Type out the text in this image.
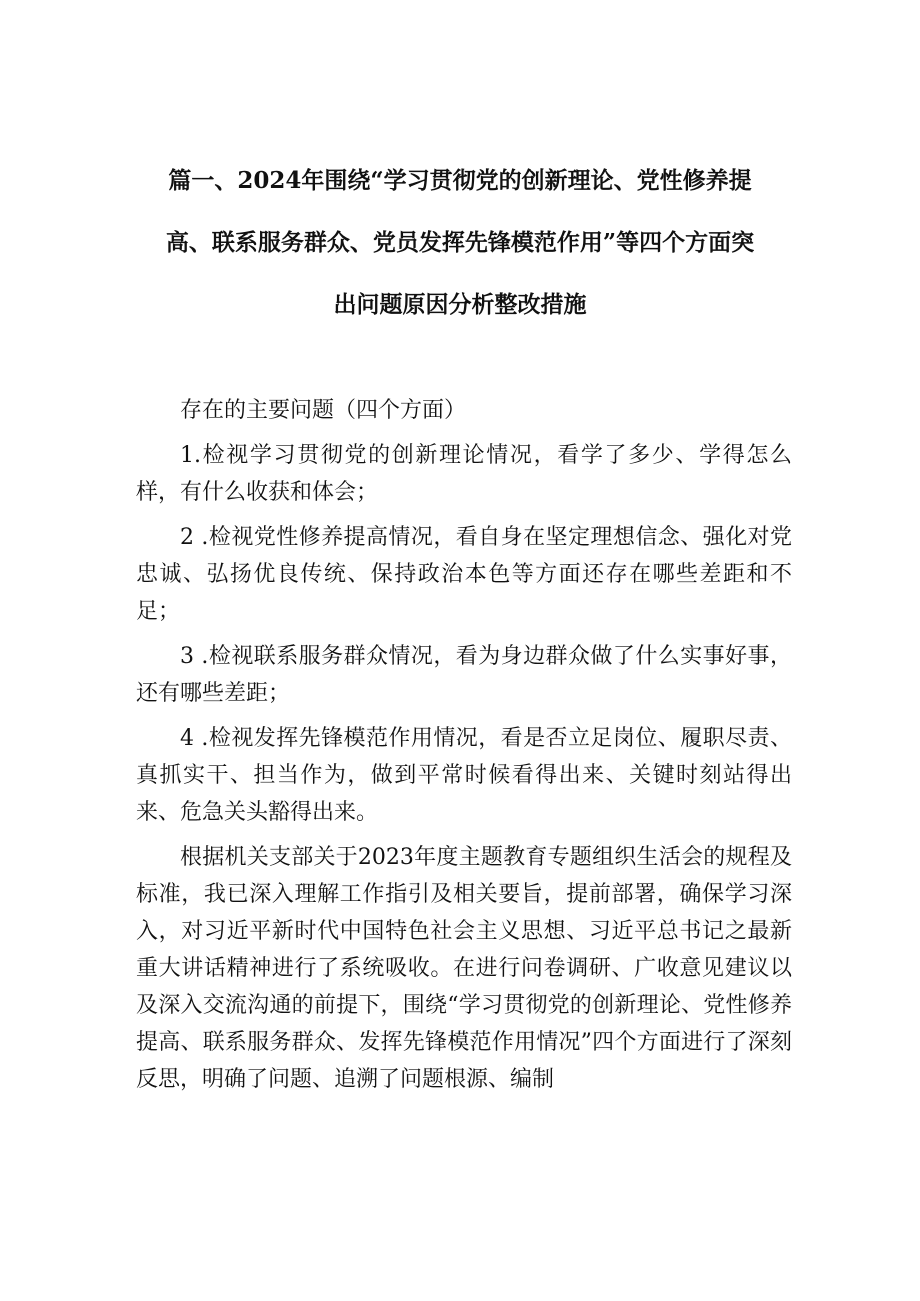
篇一、2024年围绕“学习贯彻党的创新理论、党性修养提
高、联系服务群众、党员发挥先锋模范作用”等四个方面突
出问题原因分析整改措施

存在的主要问题（四个方面）

1.检视学习贯彻党的创新理论情况，看学了多少、学得怎么样，有什么收获和体会；

2 .检视党性修养提高情况，看自身在坚定理想信念、强化对党忠诚、弘扬优良传统、保持政治本色等方面还存在哪些差距和不足；

3 .检视联系服务群众情况，看为身边群众做了什么实事好事，还有哪些差距；

4 .检视发挥先锋模范作用情况，看是否立足岗位、履职尽责、真抓实干、担当作为，做到平常时候看得出来、关键时刻站得出来、危急关头豁得出来。

根据机关支部关于2023年度主题教育专题组织生活会的规程及标准，我已深入理解工作指引及相关要旨，提前部署，确保学习深入，对习近平新时代中国特色社会主义思想、习近平总书记之最新重大讲话精神进行了系统吸收。在进行问卷调研、广收意见建议以及深入交流沟通的前提下，围绕“学习贯彻党的创新理论、党性修养提高、联系服务群众、发挥先锋模范作用情况”四个方面进行了深刻反思，明确了问题、追溯了问题根源、编制
